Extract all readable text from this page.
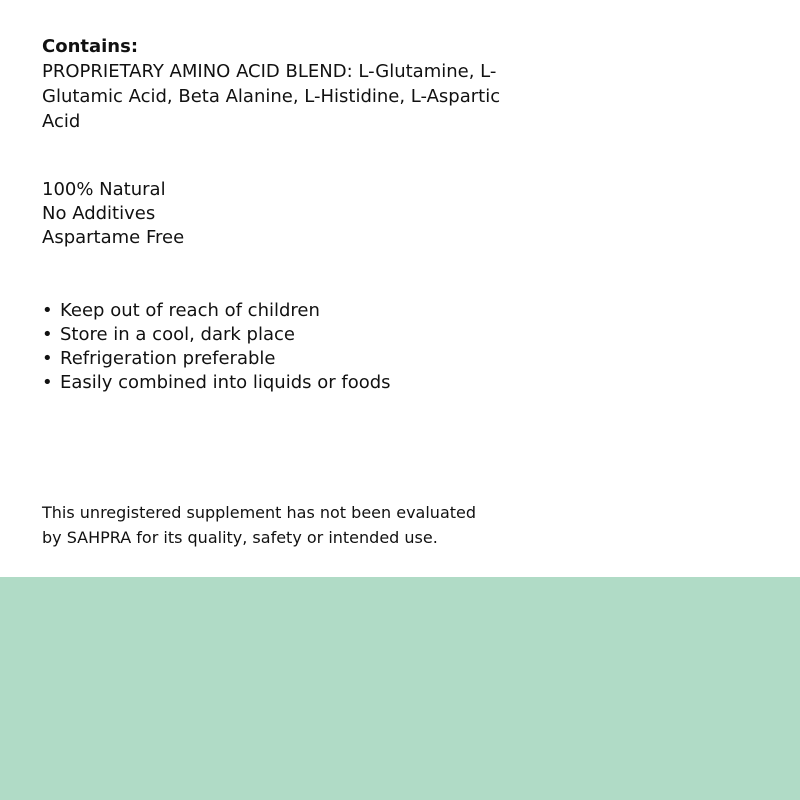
Contains:

PROPRIETARY AMINO ACID BLEND: L-Glutamine, L-Glutamic Acid, Beta Alanine, L-Histidine, L-Aspartic Acid

100% Natural
No Additives
Aspartame Free
• Keep out of reach of children
• Store in a cool, dark place
• Refrigeration preferable
• Easily combined into liquids or foods

This unregistered supplement has not been evaluated
by SAHPRA for its quality, safety or intended use.
